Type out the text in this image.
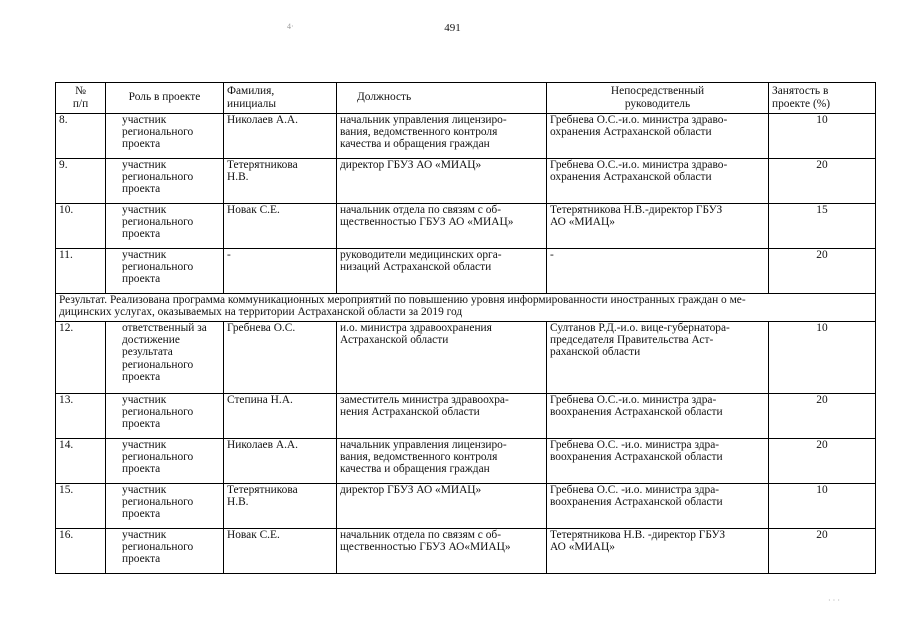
4·	491
№
п/п	Роль в проекте	Фамилия,
инициалы	Должность	Непосредственный
руководитель	Занятость в
проекте (%)
8.	участник
регионального
проекта	Николаев А.А.	начальник управления лицензиро-
вания, ведомственного контроля
качества и обращения граждан	Гребнева О.С.-и.о. министра здраво-
охранения Астраханской области	10
9.	участник
регионального
проекта	Тетерятникова
Н.В.	директор ГБУЗ АО «МИАЦ»	Гребнева О.С.-и.о. министра здраво-
охранения Астраханской области	20
10.	участник
регионального
проекта	Новак С.Е.	начальник отдела по связям с об-
щественностью ГБУЗ АО «МИАЦ»	Тетерятникова Н.В.-директор ГБУЗ
АО «МИАЦ»	15
11.	участник
регионального
проекта	-	руководители медицинских орга-
низаций Астраханской области	-	20
Результат. Реализована программа коммуникационных мероприятий по повышению уровня информированности иностранных граждан о ме-
дицинских услугах, оказываемых на территории Астраханской области за 2019 год					
12.	ответственный за
достижение
результата
регионального
проекта	Гребнева О.С.	и.о. министра здравоохранения
Астраханской области	Султанов Р.Д.-и.о. вице-губернатора-
председателя Правительства Аст-
раханской области	10
13.	участник
регионального
проекта	Степина Н.А.	заместитель министра здравоохра-
нения Астраханской области	Гребнева О.С.-и.о. министра здра-
воохранения Астраханской области	20
14.	участник
регионального
проекта	Николаев А.А.	начальник управления лицензиро-
вания, ведомственного контроля
качества и обращения граждан	Гребнева О.С. -и.о. министра здра-
воохранения Астраханской области	20
15.	участник
регионального
проекта	Тетерятникова
Н.В.	директор ГБУЗ АО «МИАЦ»	Гребнева О.С. -и.о. министра здра-
воохранения Астраханской области	10
16.	участник
регионального
проекта	Новак С.Е.	начальник отдела по связям с об-
щественностью ГБУЗ АО«МИАЦ»	Тетерятникова Н.В. -директор ГБУЗ
АО «МИАЦ»	20
· · ·
